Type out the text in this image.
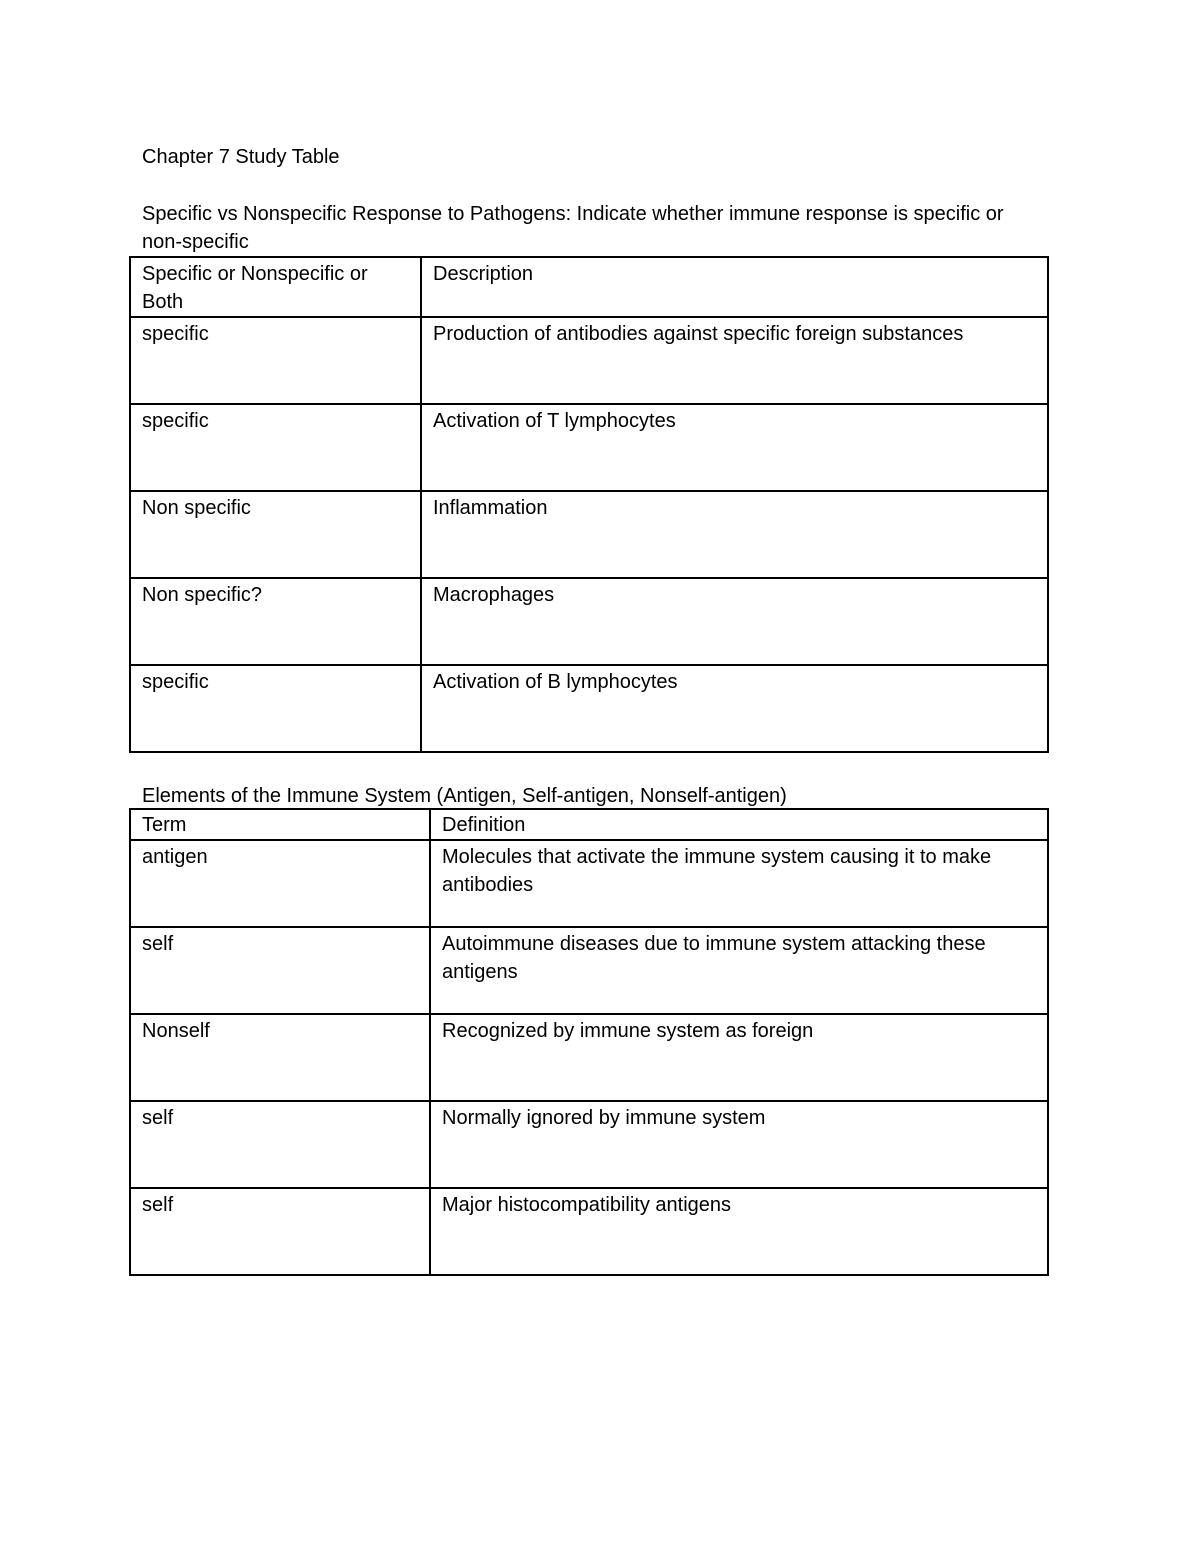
Chapter 7 Study Table

Specific vs Nonspecific Response to Pathogens: Indicate whether immune response is specific or non-specific

Specific or Nonspecific or Both	Description
specific	Production of antibodies against specific foreign substances
specific	Activation of T lymphocytes
Non specific	Inflammation
Non specific?	Macrophages
specific	Activation of B lymphocytes

Elements of the Immune System (Antigen, Self-antigen, Nonself-antigen)

Term	Definition
antigen	Molecules that activate the immune system causing it to make antibodies
self	Autoimmune diseases due to immune system attacking these antigens
Nonself	Recognized by immune system as foreign
self	Normally ignored by immune system
self	Major histocompatibility antigens
